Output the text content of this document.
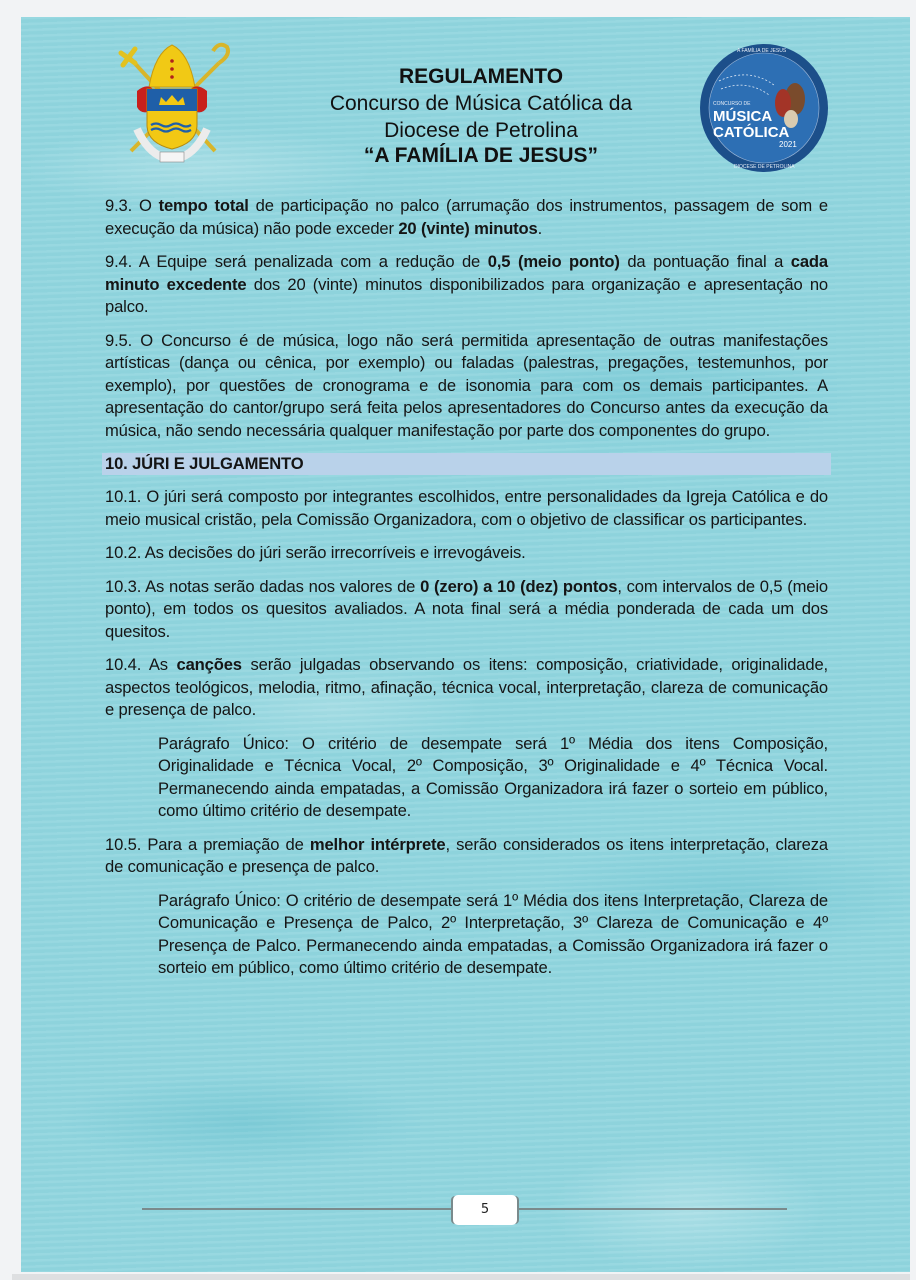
REGULAMENTO
Concurso de Música Católica da
Diocese de Petrolina
“A FAMÍLIA DE JESUS”
CONCURSO DE
MÚSICA
CATÓLICA
2021
A FAMÍLIA DE JESUS
DIOCESE DE PETROLINA

9.3. O tempo total de participação no palco (arrumação dos instrumentos, passagem de som e execução da música) não pode exceder 20 (vinte) minutos.

9.4. A Equipe será penalizada com a redução de 0,5 (meio ponto) da pontuação final a cada minuto excedente dos 20 (vinte) minutos disponibilizados para organização e apresentação no palco.

9.5. O Concurso é de música, logo não será permitida apresentação de outras manifestações artísticas (dança ou cênica, por exemplo) ou faladas (palestras, pregações, testemunhos, por exemplo), por questões de cronograma e de isonomia para com os demais participantes. A apresentação do cantor/grupo será feita pelos apresentadores do Concurso antes da execução da música, não sendo necessária qualquer manifestação por parte dos componentes do grupo.

10. JÚRI E JULGAMENTO

10.1. O júri será composto por integrantes escolhidos, entre personalidades da Igreja Católica e do meio musical cristão, pela Comissão Organizadora, com o objetivo de classificar os participantes.

10.2. As decisões do júri serão irrecorríveis e irrevogáveis.

10.3. As notas serão dadas nos valores de 0 (zero) a 10 (dez) pontos, com intervalos de 0,5 (meio ponto), em todos os quesitos avaliados. A nota final será a média ponderada de cada um dos quesitos.

10.4. As canções serão julgadas observando os itens: composição, criatividade, originalidade, aspectos teológicos, melodia, ritmo, afinação, técnica vocal, interpretação, clareza de comunicação e presença de palco.

Parágrafo Único: O critério de desempate será 1º Média dos itens Composição, Originalidade e Técnica Vocal, 2º Composição, 3º Originalidade e 4º Técnica Vocal. Permanecendo ainda empatadas, a Comissão Organizadora irá fazer o sorteio em público, como último critério de desempate.

10.5. Para a premiação de melhor intérprete, serão considerados os itens interpretação, clareza de comunicação e presença de palco.

Parágrafo Único: O critério de desempate será 1º Média dos itens Interpretação, Clareza de Comunicação e Presença de Palco, 2º Interpretação, 3º Clareza de Comunicação e 4º Presença de Palco. Permanecendo ainda empatadas, a Comissão Organizadora irá fazer o sorteio em público, como último critério de desempate.

5
